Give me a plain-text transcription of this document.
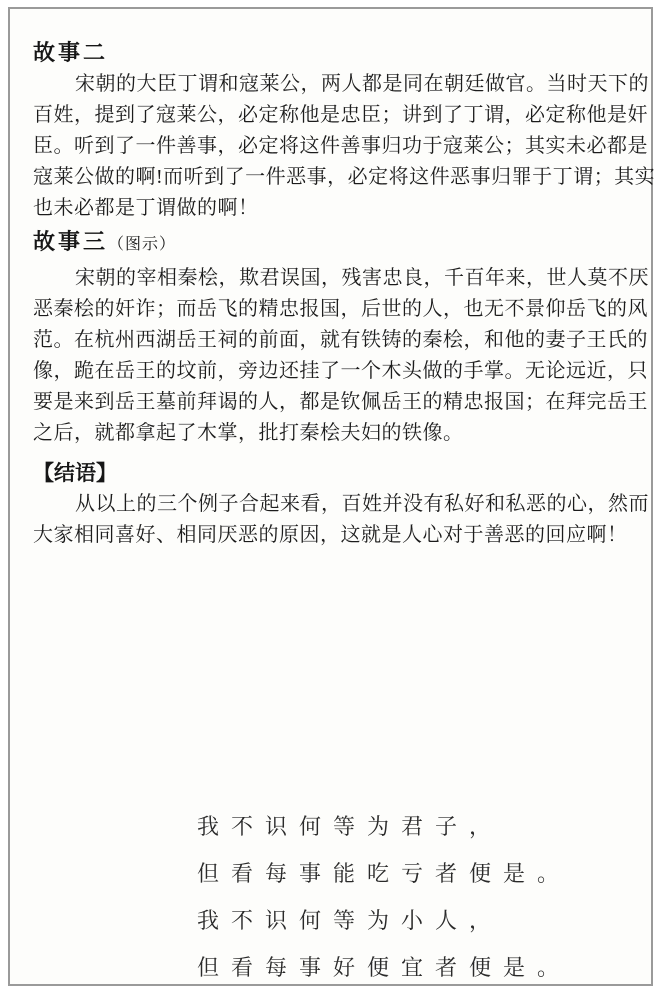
故事二
宋朝的大臣丁谓和寇莱公，两人都是同在朝廷做官。当时天下的
百姓，提到了寇莱公，必定称他是忠臣；讲到了丁谓，必定称他是奸
臣。听到了一件善事，必定将这件善事归功于寇莱公；其实未必都是
寇莱公做的啊!而听到了一件恶事，必定将这件恶事归罪于丁谓；其实
也未必都是丁谓做的啊！
故事三（图示）
宋朝的宰相秦桧，欺君误国，残害忠良，千百年来，世人莫不厌
恶秦桧的奸诈；而岳飞的精忠报国，后世的人，也无不景仰岳飞的风
范。在杭州西湖岳王祠的前面，就有铁铸的秦桧，和他的妻子王氏的
像，跪在岳王的坟前，旁边还挂了一个木头做的手掌。无论远近，只
要是来到岳王墓前拜谒的人，都是钦佩岳王的精忠报国；在拜完岳王
之后，就都拿起了木掌，批打秦桧夫妇的铁像。
【结语】
从以上的三个例子合起来看，百姓并没有私好和私恶的心，然而
大家相同喜好、相同厌恶的原因，这就是人心对于善恶的回应啊！
我不识何等为君子，
但看每事能吃亏者便是。
我不识何等为小人，
但看每事好便宜者便是。
